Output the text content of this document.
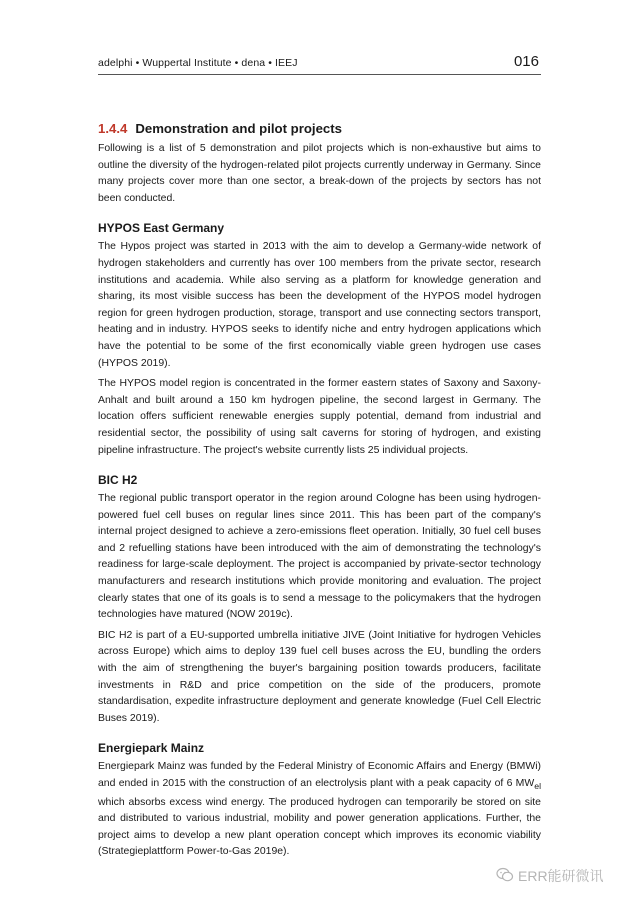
adelphi • Wuppertal Institute • dena • IEEJ	016
1.4.4 Demonstration and pilot projects

Following is a list of 5 demonstration and pilot projects which is non-exhaustive but aims to outline the diversity of the hydrogen-related pilot projects currently underway in Germany. Since many projects cover more than one sector, a break-down of the projects by sectors has not been conducted.

HYPOS East Germany

The Hypos project was started in 2013 with the aim to develop a Germany-wide network of hydrogen stakeholders and currently has over 100 members from the private sector, research institutions and academia. While also serving as a platform for knowledge generation and sharing, its most visible success has been the development of the HYPOS model hydrogen region for green hydrogen production, storage, transport and use connecting sectors transport, heating and in industry. HYPOS seeks to identify niche and entry hydrogen applications which have the potential to be some of the first economically viable green hydrogen use cases (HYPOS 2019).

The HYPOS model region is concentrated in the former eastern states of Saxony and Saxony-Anhalt and built around a 150 km hydrogen pipeline, the second largest in Germany. The location offers sufficient renewable energies supply potential, demand from industrial and residential sector, the possibility of using salt caverns for storing of hydrogen, and existing pipeline infrastructure. The project's website currently lists 25 individual projects.

BIC H2

The regional public transport operator in the region around Cologne has been using hydrogen-powered fuel cell buses on regular lines since 2011. This has been part of the company's internal project designed to achieve a zero-emissions fleet operation. Initially, 30 fuel cell buses and 2 refuelling stations have been introduced with the aim of demonstrating the technology's readiness for large-scale deployment. The project is accompanied by private-sector technology manufacturers and research institutions which provide monitoring and evaluation. The project clearly states that one of its goals is to send a message to the policymakers that the hydrogen technologies have matured (NOW 2019c).

BIC H2 is part of a EU-supported umbrella initiative JIVE (Joint Initiative for hydrogen Vehicles across Europe) which aims to deploy 139 fuel cell buses across the EU, bundling the orders with the aim of strengthening the buyer's bargaining position towards producers, facilitate investments in R&D and price competition on the side of the producers, promote standardisation, expedite infrastructure deployment and generate knowledge (Fuel Cell Electric Buses 2019).

Energiepark Mainz

Energiepark Mainz was funded by the Federal Ministry of Economic Affairs and Energy (BMWi) and ended in 2015 with the construction of an electrolysis plant with a peak capacity of 6 $MW_{el}$ which absorbs excess wind energy. The produced hydrogen can temporarily be stored on site and distributed to various industrial, mobility and power generation applications. Further, the project aims to develop a new plant operation concept which improves its economic viability (Strategieplattform Power-to-Gas 2019e).

ERR能研微讯
